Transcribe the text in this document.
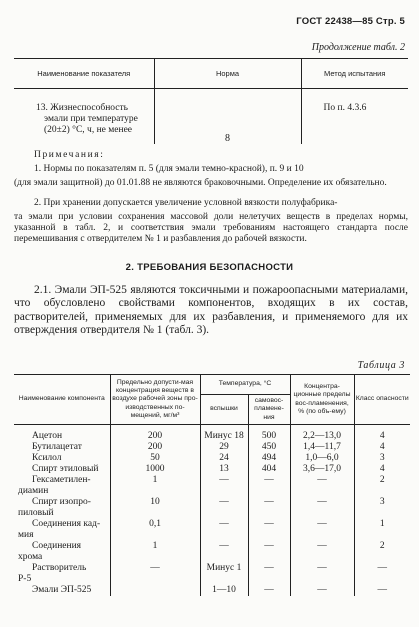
ГОСТ 22438—85 Стр. 5
Продолжение табл. 2
Наименование показателя	Норма	Метод испытания

13. Жизнеспособность
эмали при температуре
(20±2) °С, ч, не менее	8	По п. 4.3.6
Примечания:
1. Нормы по показателям п. 5 (для эмали темно-красной), п. 9 и 10
(для эмали защитной) до 01.01.88 не являются браковочными. Определение их обязательно.
2. При хранении допускается увеличение условной вязкости полуфабрика-
та эмали при условии сохранения массовой доли нелетучих веществ в пределах нормы, указанной в табл. 2, и соответствия эмали требованиям настоящего стандарта после перемешивания с отвердителем № 1 и разбавления до рабочей вязкости.
2. ТРЕБОВАНИЯ БЕЗОПАСНОСТИ
2.1. Эмали ЭП-525 являются токсичными и пожароопасными материалами, что обусловлено свойствами компонентов, входящих в их состав, растворителей, применяемых для их разбавления, и применяемого для их отверждения отвердителя № 1 (табл. 3).
Таблица 3
Наименование компонента	Предельно допусти-мая концентрация веществ в воздухе рабочей зоны про-изводственных по-мещений, мг/м³	Температура, °С		Концентра-ционные пределы вос-пламенения, % (по объ-ему)	Класс опасности
		вспышки	самовос-пламене-ния		
Ацетон	200	Минус 18	500	2,2—13,0	4
Бутилацетат	200	29	450	1,4—11,7	4
Ксилол	50	24	494	1,0—6,0	3
Спирт этиловый	1000	13	404	3,6—17,0	4
Гексаметилен-	1	—	—	—	2
диамин					
Спирт изопро-	10	—	—	—	3
пиловый					
Соединения кад-	0,1	—	—	—	1
мия					
Соединения	1	—	—	—	2
хрома					
Растворитель	—	Минус 1	—	—	—
Р-5					
Эмали ЭП-525		1—10	—	—	—
